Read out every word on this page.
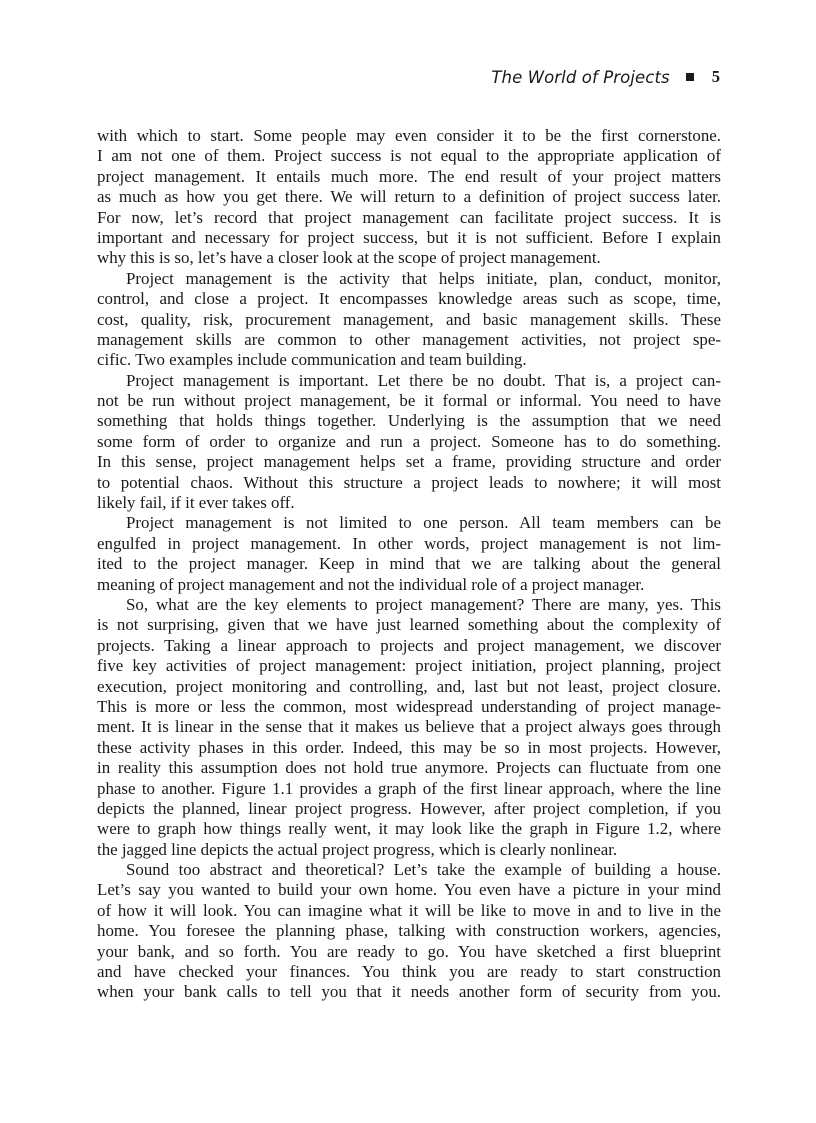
The World of Projects	5
with which to start. Some people may even consider it to be the first cornerstone.
I am not one of them. Project success is not equal to the appropriate application of
project management. It entails much more. The end result of your project matters
as much as how you get there. We will return to a definition of project success later.
For now, let’s record that project management can facilitate project success. It is
important and necessary for project success, but it is not sufficient. Before I explain
why this is so, let’s have a closer look at the scope of project management.
Project management is the activity that helps initiate, plan, conduct, monitor,
control, and close a project. It encompasses knowledge areas such as scope, time,
cost, quality, risk, procurement management, and basic management skills. These
management skills are common to other management activities, not project spe-
cific. Two examples include communication and team building.
Project management is important. Let there be no doubt. That is, a project can-
not be run without project management, be it formal or informal. You need to have
something that holds things together. Underlying is the assumption that we need
some form of order to organize and run a project. Someone has to do something.
In this sense, project management helps set a frame, providing structure and order
to potential chaos. Without this structure a project leads to nowhere; it will most
likely fail, if it ever takes off.
Project management is not limited to one person. All team members can be
engulfed in project management. In other words, project management is not lim-
ited to the project manager. Keep in mind that we are talking about the general
meaning of project management and not the individual role of a project manager.
So, what are the key elements to project management? There are many, yes. This
is not surprising, given that we have just learned something about the complexity of
projects. Taking a linear approach to projects and project management, we discover
five key activities of project management: project initiation, project planning, project
execution, project monitoring and controlling, and, last but not least, project closure.
This is more or less the common, most widespread understanding of project manage-
ment. It is linear in the sense that it makes us believe that a project always goes through
these activity phases in this order. Indeed, this may be so in most projects. However,
in reality this assumption does not hold true anymore. Projects can fluctuate from one
phase to another. Figure 1.1 provides a graph of the first linear approach, where the line
depicts the planned, linear project progress. However, after project completion, if you
were to graph how things really went, it may look like the graph in Figure 1.2, where
the jagged line depicts the actual project progress, which is clearly nonlinear.
Sound too abstract and theoretical? Let’s take the example of building a house.
Let’s say you wanted to build your own home. You even have a picture in your mind
of how it will look. You can imagine what it will be like to move in and to live in the
home. You foresee the planning phase, talking with construction workers, agencies,
your bank, and so forth. You are ready to go. You have sketched a first blueprint
and have checked your finances. You think you are ready to start construction
when your bank calls to tell you that it needs another form of security from you.
